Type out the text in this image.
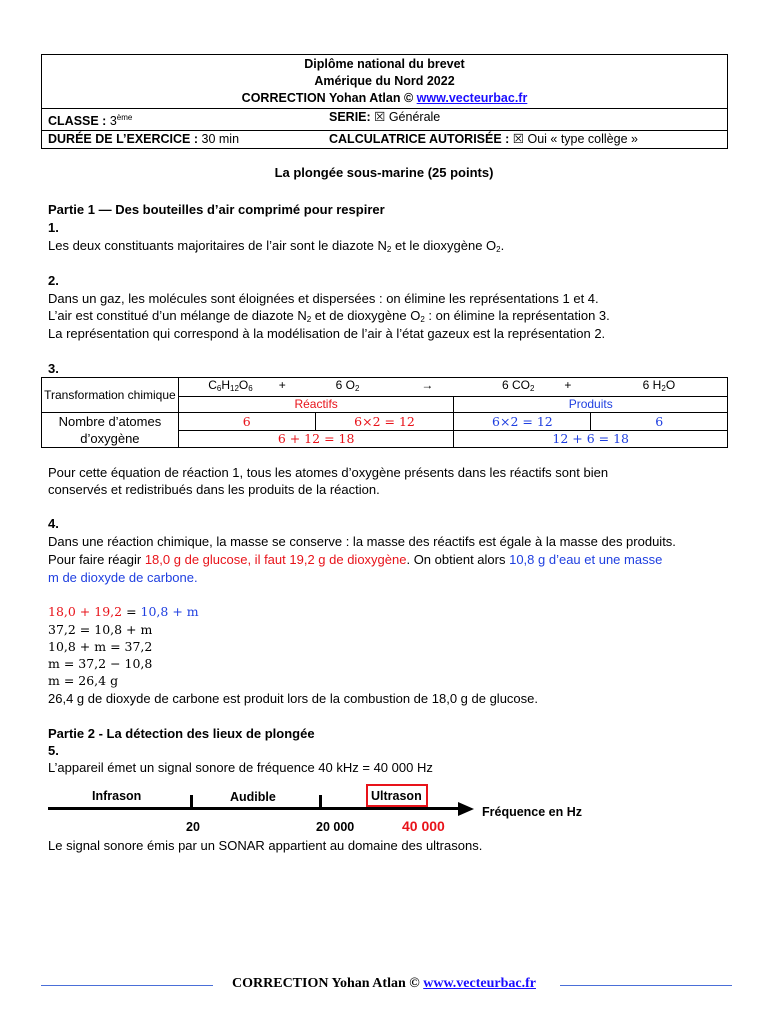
Diplôme national du brevet
Amérique du Nord 2022
CORRECTION Yohan Atlan © www.vecteurbac.fr
CLASSE : 3ème	SERIE: ☒ Générale
DURÉE DE L’EXERCICE : 30 min	CALCULATRICE AUTORISÉE : ☒ Oui « type collège »
La plongée sous-marine (25 points)
Partie 1 — Des bouteilles d’air comprimé pour respirer
1.
Les deux constituants majoritaires de l’air sont le diazote $N_2$ et le dioxygène $O_2$.
2.
Dans un gaz, les molécules sont éloignées et dispersées : on élimine les représentations 1 et 4.
L’air est constitué d’un mélange de diazote $N_2$ et de dioxygène $O_2$ : on élimine la représentation 3.
La représentation qui correspond à la modélisation de l’air à l’état gazeux est la représentation 2.
3.
Transformation chimique	$C_6H_{12}O_6$ +	6 $O_2$ →	6 $CO_2$ +	6 $H_2O$
	Réactifs		Produits	
Nombre d’atomes d’oxygène	6	6×2 = 12	6×2 = 12	6
	6 + 12 = 18		12 + 6 = 18	
Pour cette équation de réaction 1, tous les atomes d’oxygène présents dans les réactifs sont bien
conservés et redistribués dans les produits de la réaction.
4.
Dans une réaction chimique, la masse se conserve : la masse des réactifs est égale à la masse des produits.
Pour faire réagir 18,0 g de glucose, il faut 19,2 g de dioxygène. On obtient alors 10,8 g d’eau et une masse
m de dioxyde de carbone.
18,0 + 19,2 = 10,8 + m
37,2 = 10,8 + m
10,8 + m = 37,2
m = 37,2 − 10,8
m = 26,4 g
26,4 g de dioxyde de carbone est produit lors de la combustion de 18,0 g de glucose.
Partie 2 - La détection des lieux de plongée
5.
L’appareil émet un signal sonore de fréquence 40 kHz = 40 000 Hz
Infrason	Audible	Ultrason
Fréquence en Hz
20	20 000	40 000
Le signal sonore émis par un SONAR appartient au domaine des ultrasons.
CORRECTION Yohan Atlan © www.vecteurbac.fr
